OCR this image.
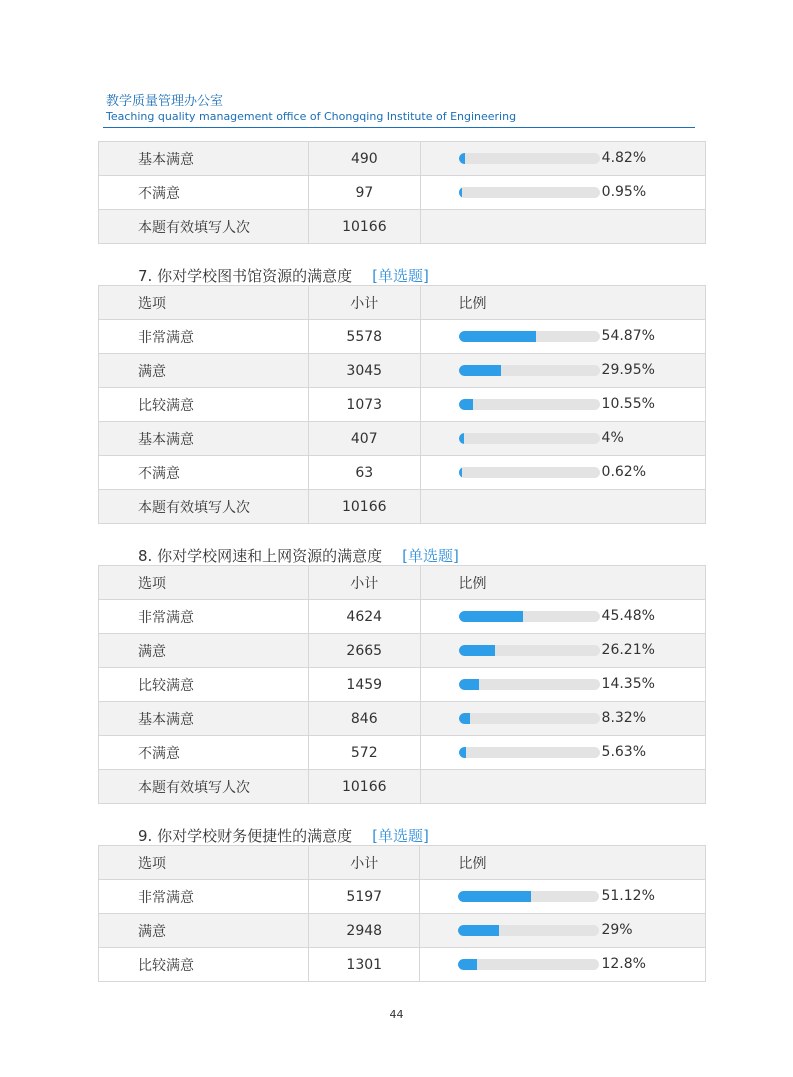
教学质量管理办公室
Teaching quality management office of Chongqing Institute of Engineering
基本满意	490	4.82%

不满意	97	0.95%

本题有效填写人次	10166	
7. 你对学校图书馆资源的满意度 [单选题]
选项	小计	比例
非常满意	5578	54.87%

满意	3045	29.95%

比较满意	1073	10.55%

基本满意	407	4%

不满意	63	0.62%

本题有效填写人次	10166	
8. 你对学校网速和上网资源的满意度 [单选题]
选项	小计	比例
非常满意	4624	45.48%

满意	2665	26.21%

比较满意	1459	14.35%

基本满意	846	8.32%

不满意	572	5.63%

本题有效填写人次	10166	
9. 你对学校财务便捷性的满意度 [单选题]
选项	小计	比例
非常满意	5197	51.12%

满意	2948	29%

比较满意	1301	12.8%
44
